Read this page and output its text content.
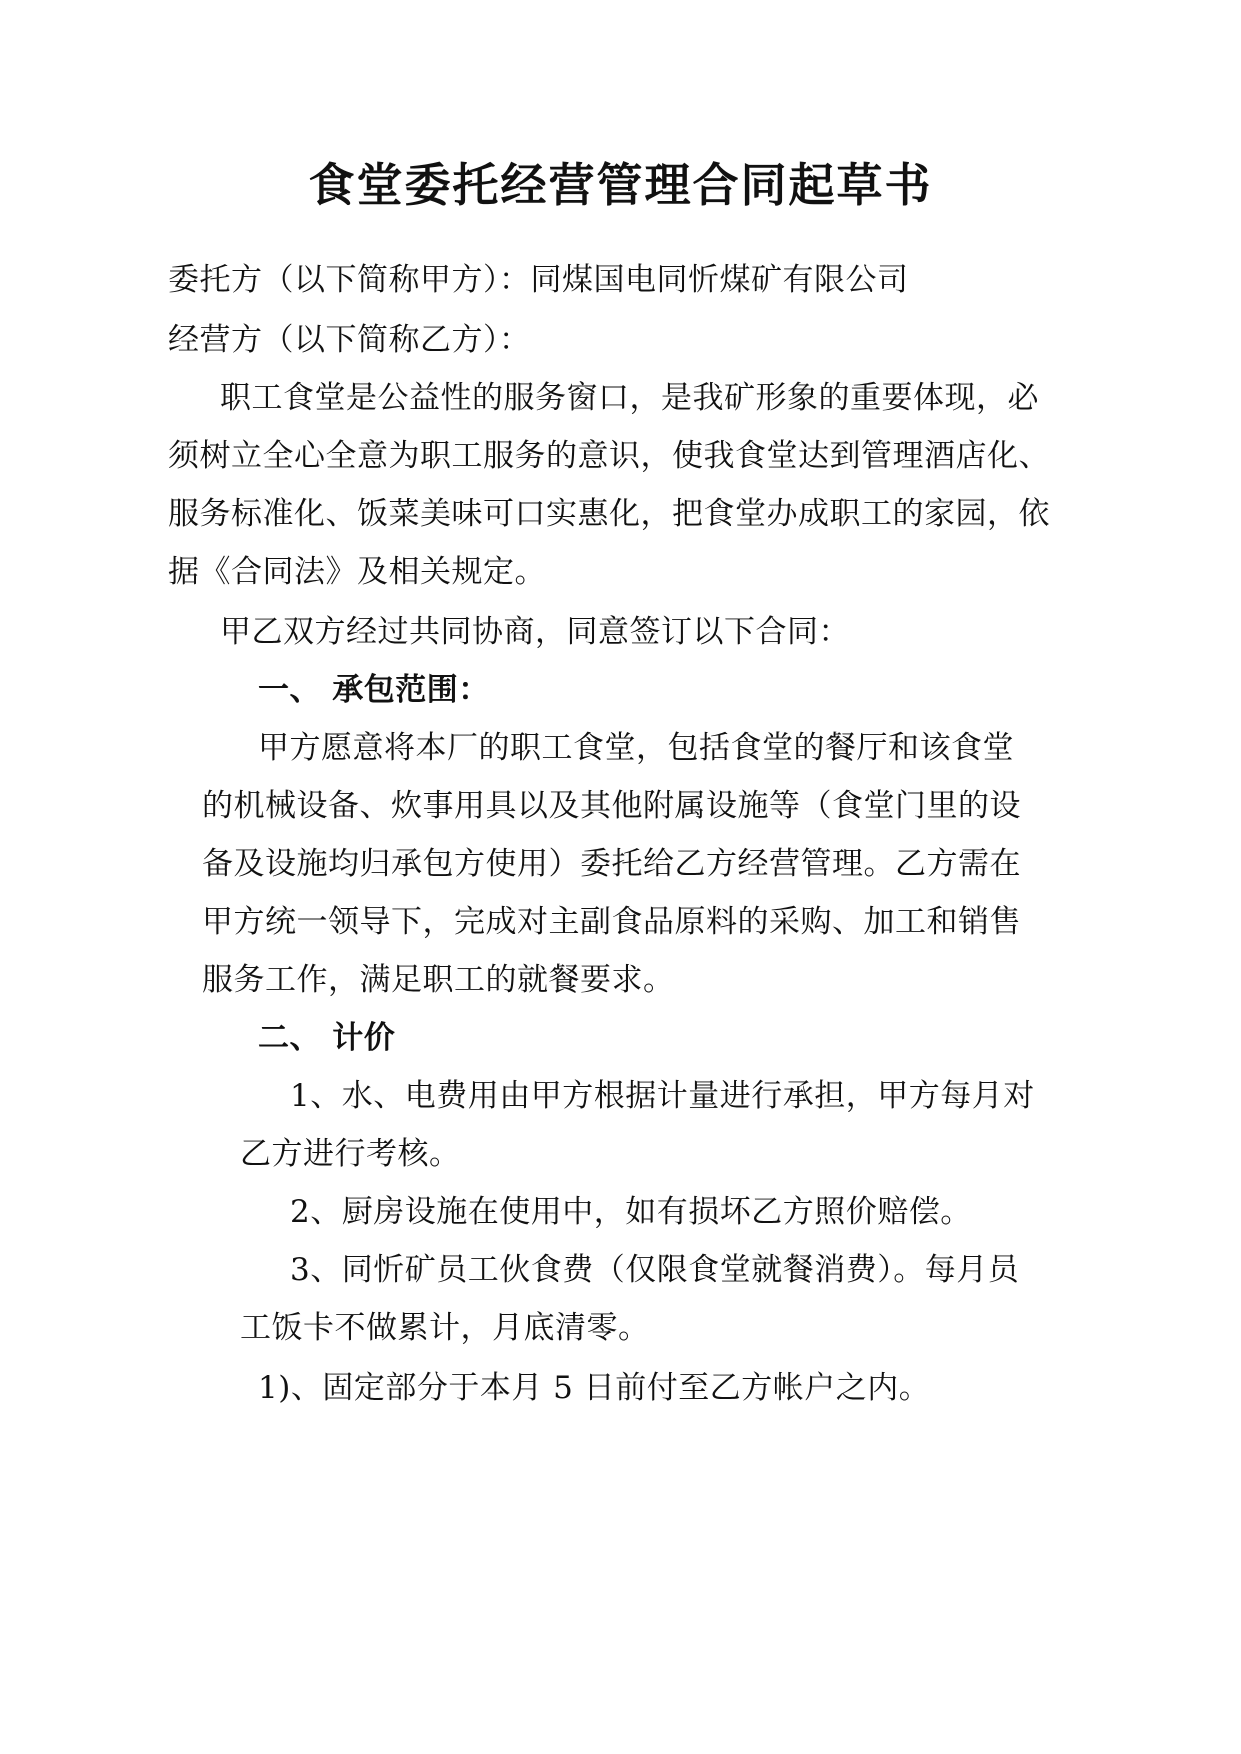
食堂委托经营管理合同起草书
委托方（以下简称甲方）：同煤国电同忻煤矿有限公司
经营方（以下简称乙方）：
职工食堂是公益性的服务窗口，是我矿形象的重要体现，必
须树立全心全意为职工服务的意识，使我食堂达到管理酒店化、
服务标准化、饭菜美味可口实惠化，把食堂办成职工的家园，依
据《合同法》及相关规定。
甲乙双方经过共同协商，同意签订以下合同：
一、 承包范围：
甲方愿意将本厂的职工食堂，包括食堂的餐厅和该食堂
的机械设备、炊事用具以及其他附属设施等（食堂门里的设
备及设施均归承包方使用）委托给乙方经营管理。乙方需在
甲方统一领导下，完成对主副食品原料的采购、加工和销售
服务工作，满足职工的就餐要求。
二、 计价
1、水、电费用由甲方根据计量进行承担，甲方每月对
乙方进行考核。
2、厨房设施在使用中，如有损坏乙方照价赔偿。
3、同忻矿员工伙食费（仅限食堂就餐消费）。每月员
工饭卡不做累计，月底清零。
1)、固定部分于本月 5 日前付至乙方帐户之内。
